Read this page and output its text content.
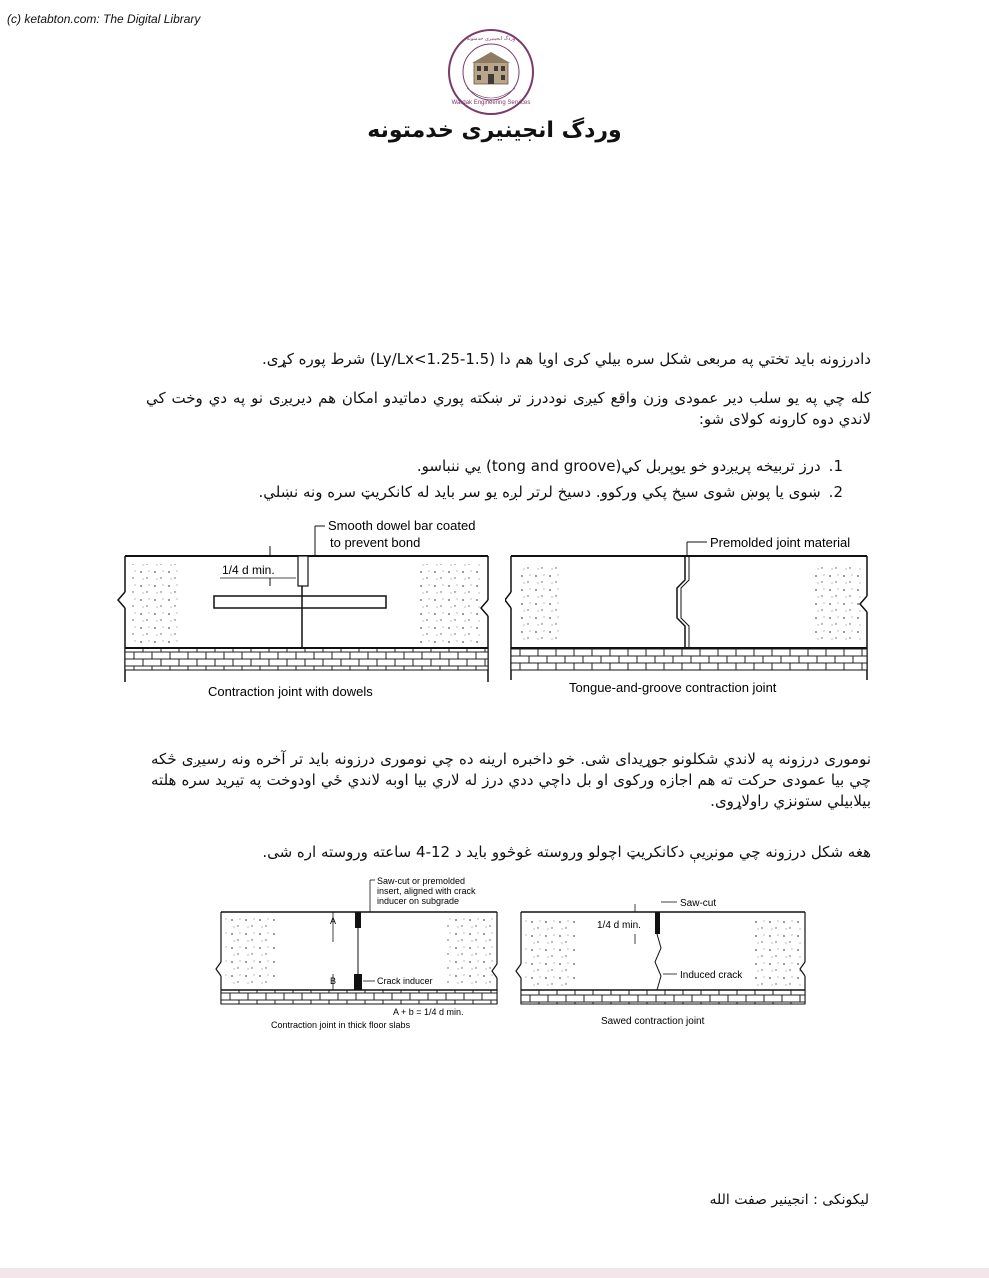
(c) ketabton.com: The Digital Library
Wardak Engineering Services
وردگ انجینیری خدمتونه
وردگ انجینیری خدمتونه
دادرزونه باید تختي په مربعی شکل سره بیلي کری اویا هم دا (Ly/Lx<1.25-1.5) شرط پوره کړی.
کله چي په یو سلب دیر عمودی وزن واقع کیږی نوددرز تر ښکته پوري دماتیدو امکان هم دیریږی نو په دي وخت کي لاندي دوه کارونه کولای شو:
1.درز تربیخه پریږدو خو یوپربل کي(tong and groove) یي ننباسو.
2.ښوی یا پوښ شوی سیخ پکي ورکوو. دسیخ لرتر لږه یو سر باید له کانکریټ سره ونه نښلي.
Smooth dowel bar coated
to prevent bond
1/4 d min.
Contraction joint with dowels
Premolded joint material
Tongue-and-groove contraction joint
نوموری درزونه په لاندي شکلونو جوړیدای شی. خو داخبره ارینه ده چي نوموری درزونه باید تر آخره ونه رسیږی څکه چي بیا عمودی حرکت ته هم اجازه ورکوی او بل داچي ددي درز له لاري بیا اوبه لاندي ځي اودوخت په تیرید سره هلته بیلابیلي ستونزي راولاړوی.
هغه شکل درزونه چي مونږیې دکانکریټ اچولو وروسته غوڅوو باید د 12-4 ساعته وروسته اره شی.
Saw-cut or premolded
insert, aligned with crack
inducer on subgrade
A
B	Crack inducer
A + b = 1/4 d min.
Contraction joint in thick floor slabs
Saw-cut
1/4 d min.
Induced crack
Sawed contraction joint
لیکونکی : انجینیر صفت الله
